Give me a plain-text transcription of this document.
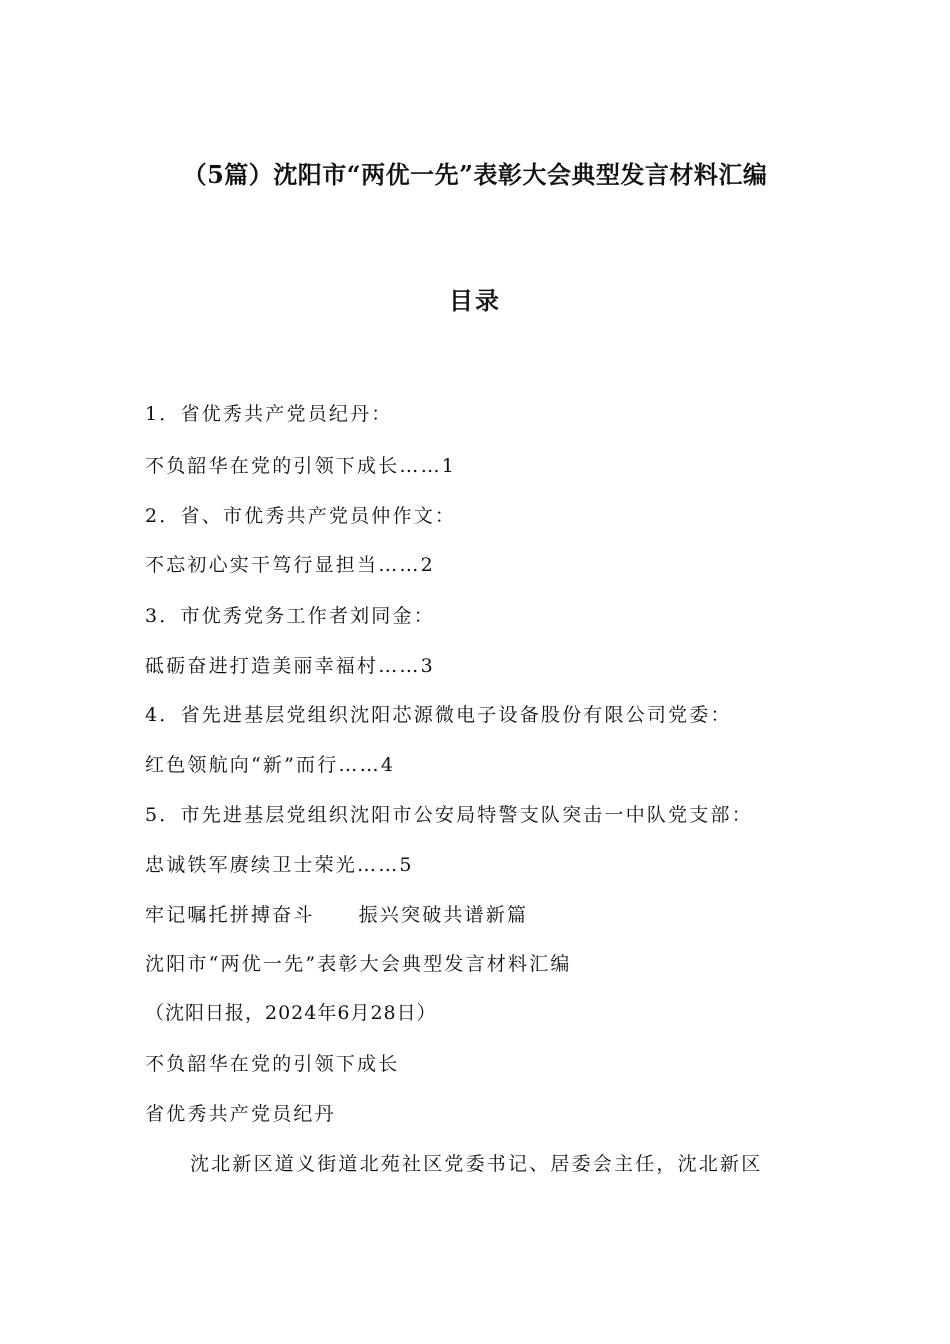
（5篇）沈阳市“两优一先”表彰大会典型发言材料汇编
目录
1．省优秀共产党员纪丹：
不负韶华在党的引领下成长……1
2．省、市优秀共产党员仲作文：
不忘初心实干笃行显担当……2
3．市优秀党务工作者刘同金：
砥砺奋进打造美丽幸福村……3
4．省先进基层党组织沈阳芯源微电子设备股份有限公司党委：
红色领航向“新”而行……4
5．市先进基层党组织沈阳市公安局特警支队突击一中队党支部：
忠诚铁军赓续卫士荣光……5
牢记嘱托拼搏奋斗 振兴突破共谱新篇
沈阳市“两优一先”表彰大会典型发言材料汇编
（沈阳日报，2024年6月28日）
不负韶华在党的引领下成长
省优秀共产党员纪丹
沈北新区道义街道北苑社区党委书记、居委会主任，沈北新区
